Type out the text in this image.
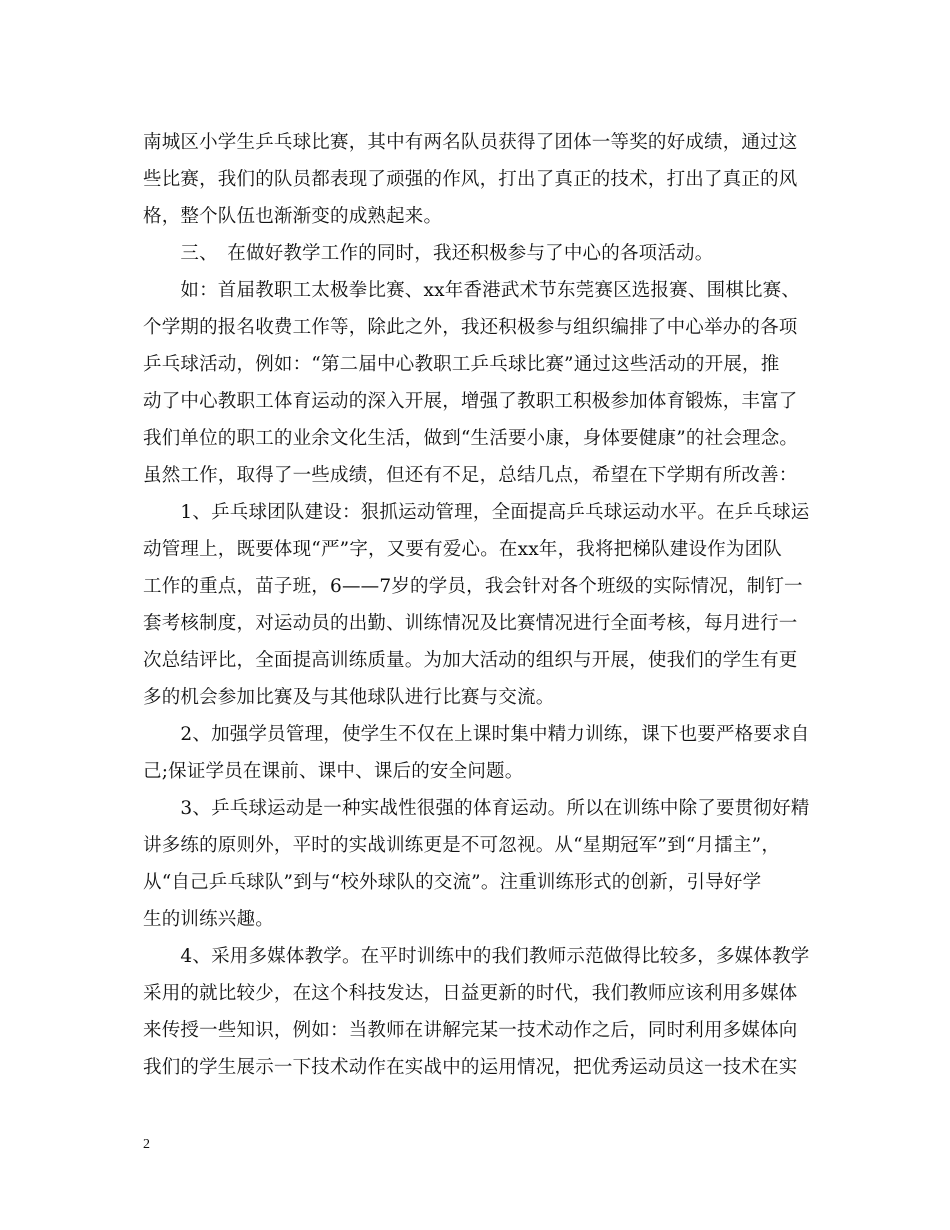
南城区小学生乒乓球比赛，其中有两名队员获得了团体一等奖的好成绩，通过这
些比赛，我们的队员都表现了顽强的作风，打出了真正的技术，打出了真正的风
格，整个队伍也渐渐变的成熟起来。
　　三、　在做好教学工作的同时，我还积极参与了中心的各项活动。
　　如：首届教职工太极拳比赛、xx年香港武术节东莞赛区选报赛、围棋比赛、
个学期的报名收费工作等，除此之外，我还积极参与组织编排了中心举办的各项
乒乓球活动，例如：“第二届中心教职工乒乓球比赛”通过这些活动的开展，推
动了中心教职工体育运动的深入开展，增强了教职工积极参加体育锻炼，丰富了
我们单位的职工的业余文化生活，做到“生活要小康，身体要健康”的社会理念。
虽然工作，取得了一些成绩，但还有不足，总结几点，希望在下学期有所改善：
　　1、乒乓球团队建设：狠抓运动管理，全面提高乒乓球运动水平。在乒乓球运
动管理上，既要体现“严”字，又要有爱心。在xx年，我将把梯队建设作为团队
工作的重点，苗子班，6——7岁的学员，我会针对各个班级的实际情况，制钉一
套考核制度，对运动员的出勤、训练情况及比赛情况进行全面考核，每月进行一
次总结评比，全面提高训练质量。为加大活动的组织与开展，使我们的学生有更
多的机会参加比赛及与其他球队进行比赛与交流。
　　2、加强学员管理，使学生不仅在上课时集中精力训练，课下也要严格要求自
己;保证学员在课前、课中、课后的安全问题。
　　3、乒乓球运动是一种实战性很强的体育运动。所以在训练中除了要贯彻好精
讲多练的原则外，平时的实战训练更是不可忽视。从“星期冠军”到“月擂主”，
从“自己乒乓球队”到与“校外球队的交流”。注重训练形式的创新，引导好学
生的训练兴趣。
　　4、采用多媒体教学。在平时训练中的我们教师示范做得比较多，多媒体教学
采用的就比较少，在这个科技发达，日益更新的时代，我们教师应该利用多媒体
来传授一些知识，例如：当教师在讲解完某一技术动作之后，同时利用多媒体向
我们的学生展示一下技术动作在实战中的运用情况，把优秀运动员这一技术在实
2
